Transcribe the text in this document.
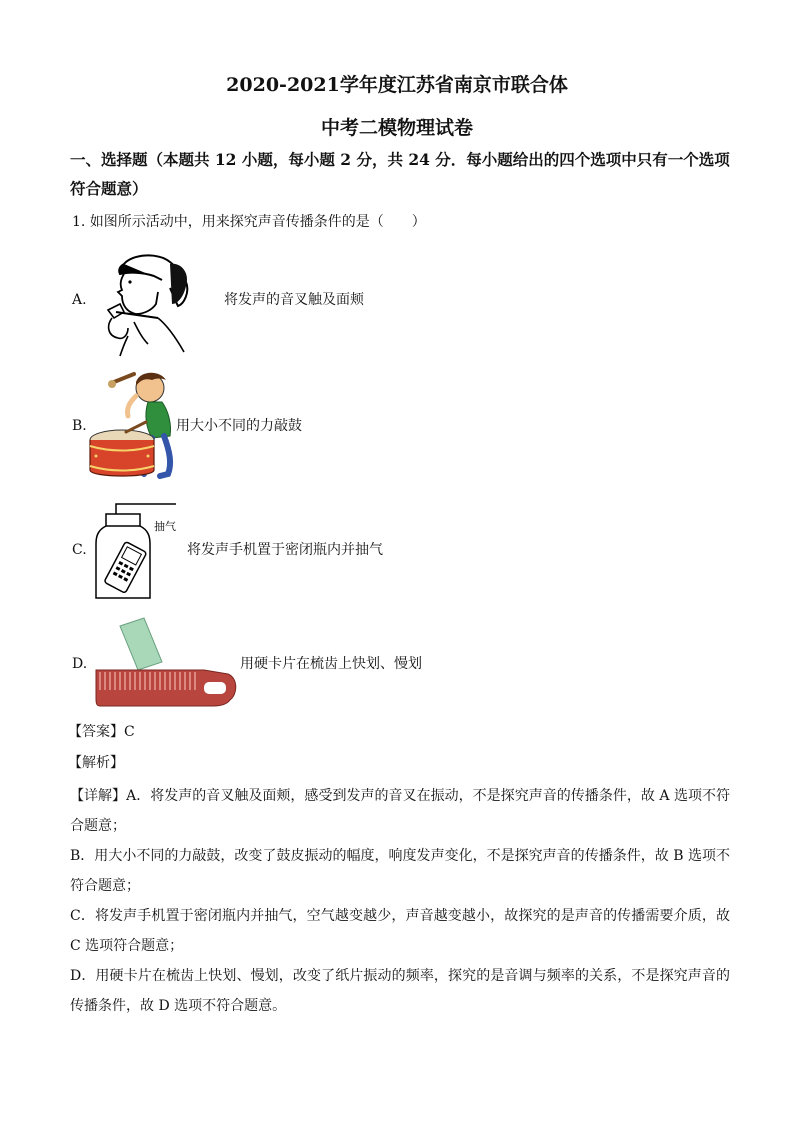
2020-2021学年度江苏省南京市联合体
中考二模物理试卷
一、选择题（本题共 12 小题，每小题 2 分，共 24 分．每小题给出的四个选项中只有一个选项符合题意）
1. 如图所示活动中，用来探究声音传播条件的是（　　）
A.	将发声的音叉触及面颊
B.	用大小不同的力敲鼓
C.
抽气
将发声手机置于密闭瓶内并抽气
D.	用硬卡片在梳齿上快划、慢划
【答案】C
【解析】

【详解】A．将发声的音叉触及面颊，感受到发声的音叉在振动，不是探究声音的传播条件，故 A 选项不符合题意；

B．用大小不同的力敲鼓，改变了鼓皮振动的幅度，响度发声变化，不是探究声音的传播条件，故 B 选项不符合题意；

C．将发声手机置于密闭瓶内并抽气，空气越变越少，声音越变越小，故探究的是声音的传播需要介质，故 C 选项符合题意；

D．用硬卡片在梳齿上快划、慢划，改变了纸片振动的频率，探究的是音调与频率的关系，不是探究声音的传播条件，故 D 选项不符合题意。
